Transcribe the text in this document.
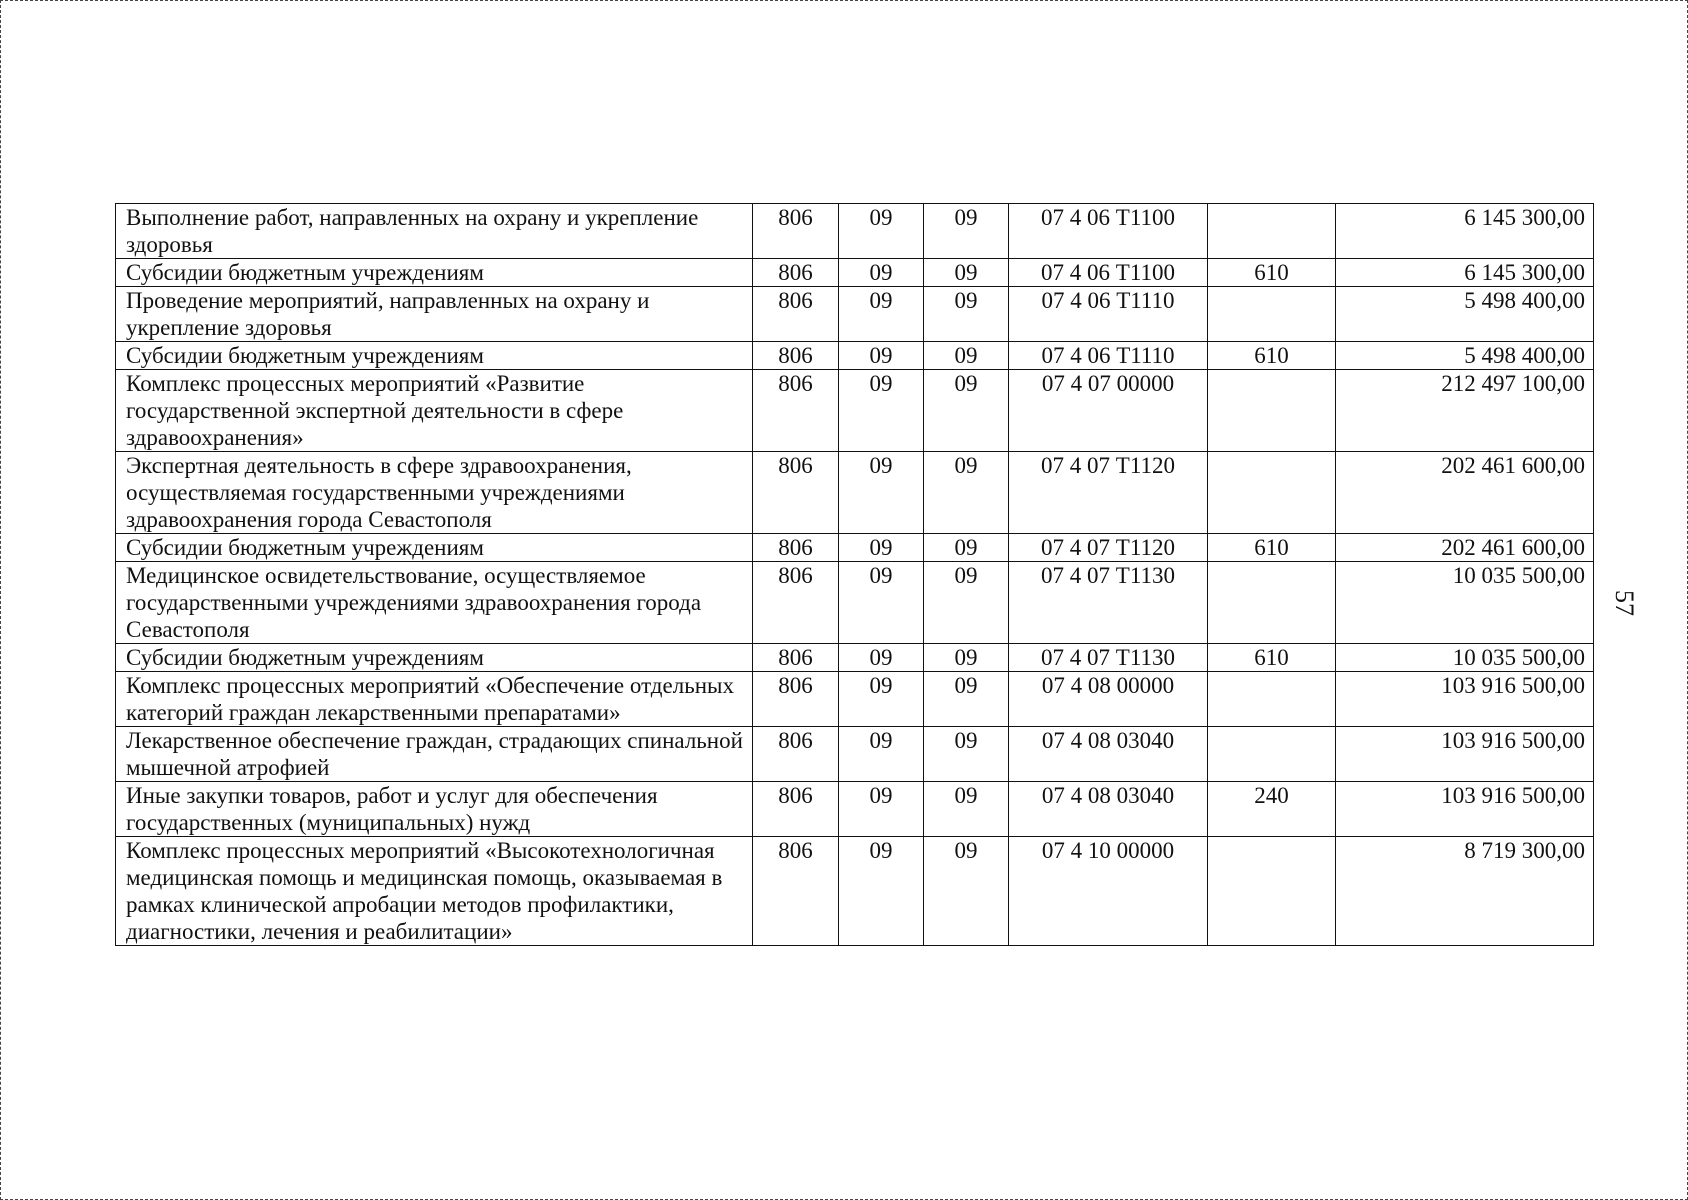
Выполнение работ, направленных на охрану и укрепление здоровья	806	09	09	07 4 06 Т1100		6 145 300,00
Субсидии бюджетным учреждениям	806	09	09	07 4 06 Т1100	610	6 145 300,00
Проведение мероприятий, направленных на охрану и укрепление здоровья	806	09	09	07 4 06 Т1110		5 498 400,00
Субсидии бюджетным учреждениям	806	09	09	07 4 06 Т1110	610	5 498 400,00
Комплекс процессных мероприятий «Развитие государственной экспертной деятельности в сфере здравоохранения»	806	09	09	07 4 07 00000		212 497 100,00
Экспертная деятельность в сфере здравоохранения, осуществляемая государственными учреждениями здравоохранения города Севастополя	806	09	09	07 4 07 Т1120		202 461 600,00
Субсидии бюджетным учреждениям	806	09	09	07 4 07 Т1120	610	202 461 600,00
Медицинское освидетельствование, осуществляемое государственными учреждениями здравоохранения города Севастополя	806	09	09	07 4 07 Т1130		10 035 500,00
Субсидии бюджетным учреждениям	806	09	09	07 4 07 Т1130	610	10 035 500,00
Комплекс процессных мероприятий «Обеспечение отдельных категорий граждан лекарственными препаратами»	806	09	09	07 4 08 00000		103 916 500,00
Лекарственное обеспечение граждан, страдающих спинальной мышечной атрофией	806	09	09	07 4 08 03040		103 916 500,00
Иные закупки товаров, работ и услуг для обеспечения государственных (муниципальных) нужд	806	09	09	07 4 08 03040	240	103 916 500,00
Комплекс процессных мероприятий «Высокотехнологичная медицинская помощь и медицинская помощь, оказываемая в рамках клинической апробации методов профилактики, диагностики, лечения и реабилитации»	806	09	09	07 4 10 00000		8 719 300,00
57
